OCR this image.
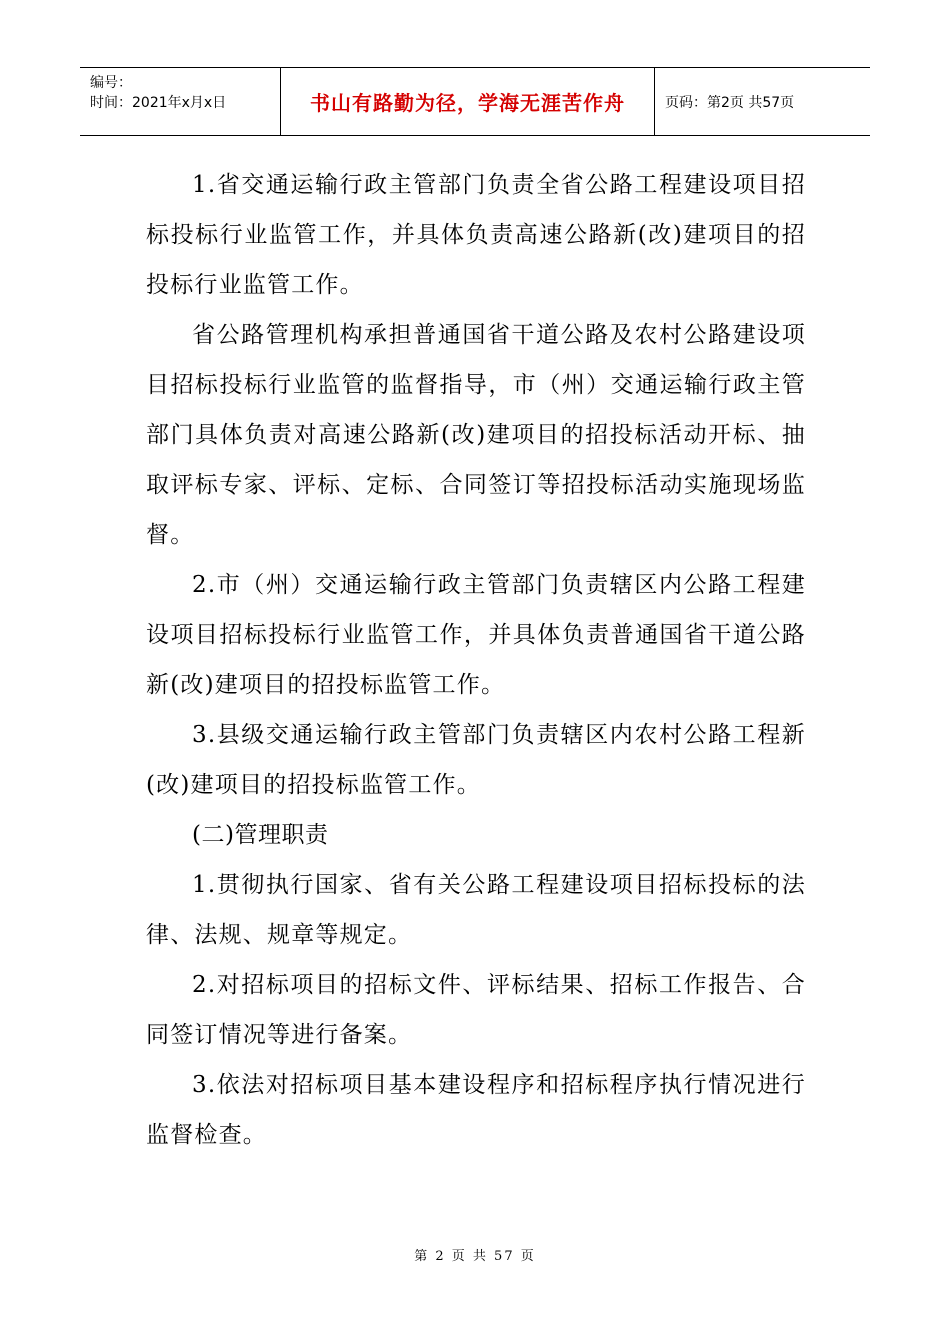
编号：
时间：2021年x月x日	书山有路勤为径，学海无涯苦作舟	页码：第2页 共57页

1.省交通运输行政主管部门负责全省公路工程建设项目招标投标行业监管工作，并具体负责高速公路新(改)建项目的招投标行业监管工作。

省公路管理机构承担普通国省干道公路及农村公路建设项目招标投标行业监管的监督指导，市（州）交通运输行政主管部门具体负责对高速公路新(改)建项目的招投标活动开标、抽取评标专家、评标、定标、合同签订等招投标活动实施现场监督。

2.市（州）交通运输行政主管部门负责辖区内公路工程建设项目招标投标行业监管工作，并具体负责普通国省干道公路新(改)建项目的招投标监管工作。

3.县级交通运输行政主管部门负责辖区内农村公路工程新(改)建项目的招投标监管工作。

(二)管理职责

1.贯彻执行国家、省有关公路工程建设项目招标投标的法律、法规、规章等规定。

2.对招标项目的招标文件、评标结果、招标工作报告、合同签订情况等进行备案。

3.依法对招标项目基本建设程序和招标程序执行情况进行监督检查。

第 2 页 共 57 页
